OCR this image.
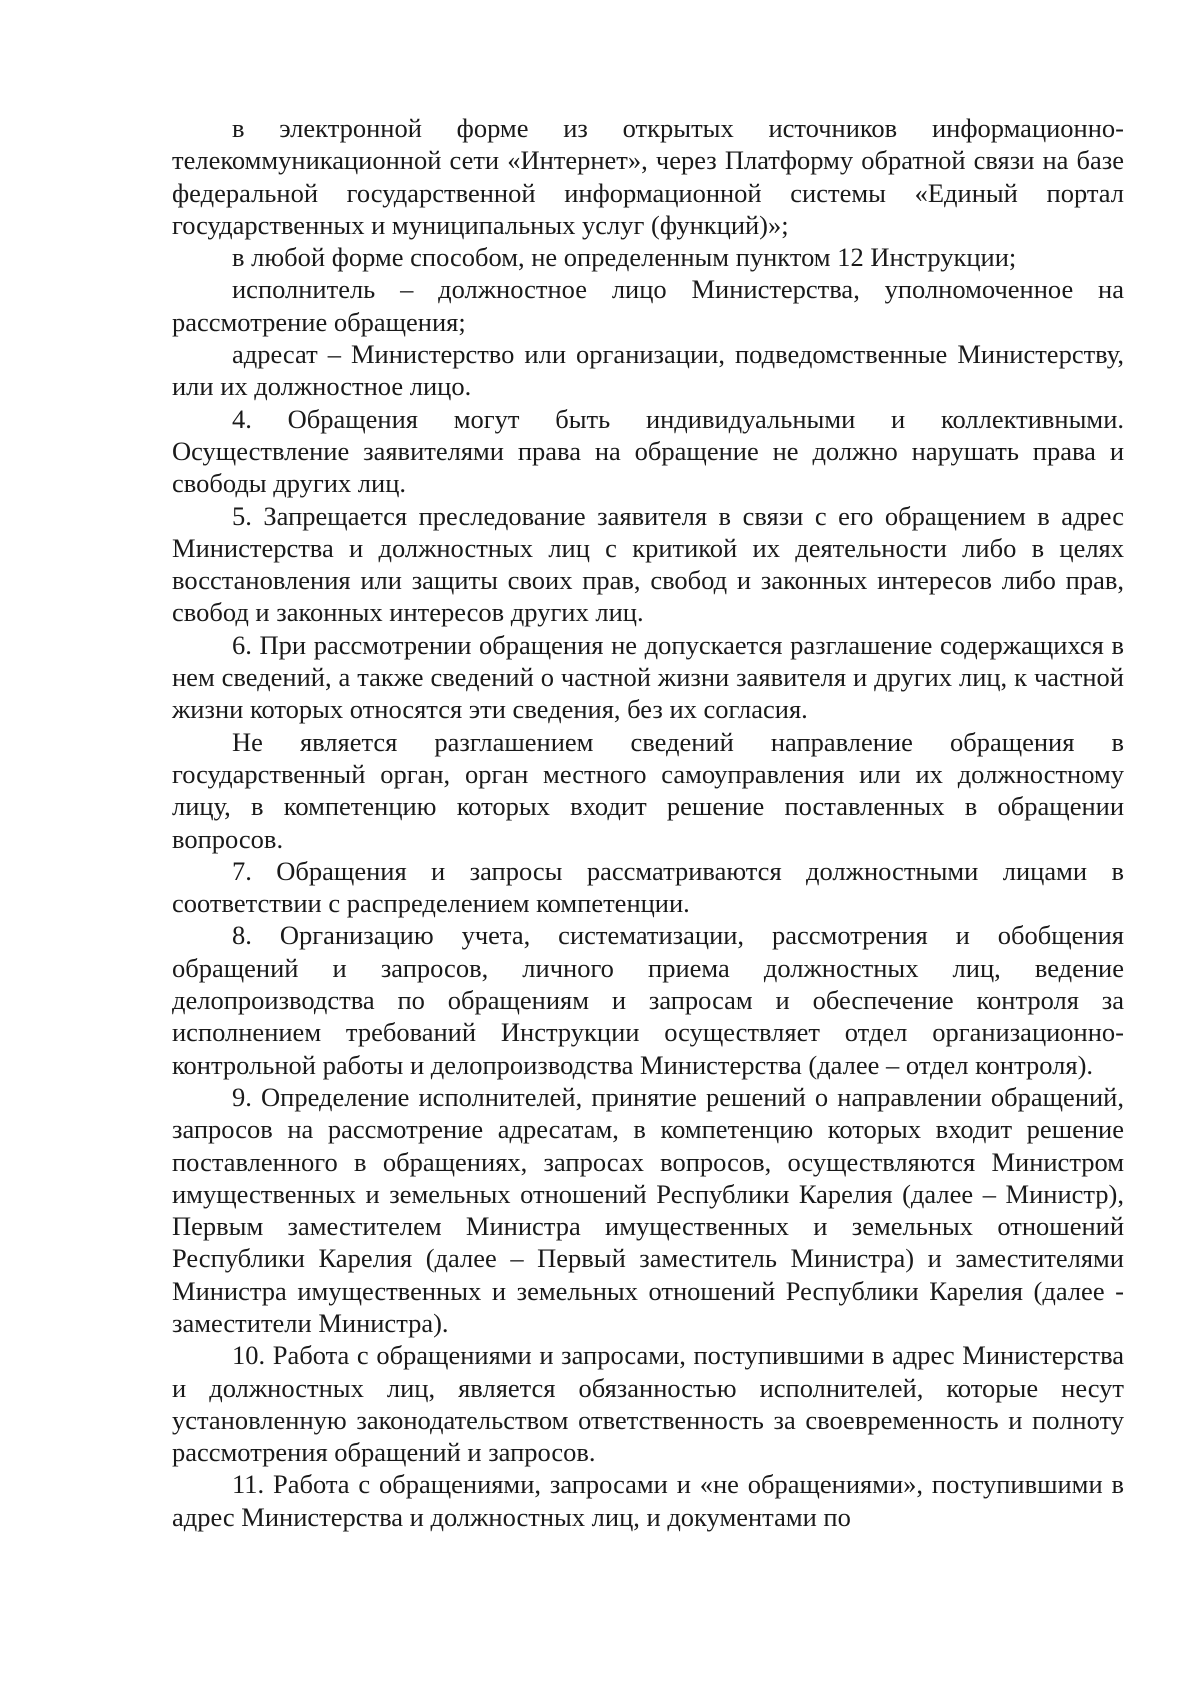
в электронной форме из открытых источников информационно-телекоммуникационной сети «Интернет», через Платформу обратной связи на базе федеральной государственной информационной системы «Единый портал государственных и муниципальных услуг (функций)»;

в любой форме способом, не определенным пунктом 12 Инструкции;

исполнитель – должностное лицо Министерства, уполномоченное на рассмотрение обращения;

адресат – Министерство или организации, подведомственные Министерству, или их должностное лицо.

4. Обращения могут быть индивидуальными и коллективными. Осуществление заявителями права на обращение не должно нарушать права и свободы других лиц.

5. Запрещается преследование заявителя в связи с его обращением в адрес Министерства и должностных лиц с критикой их деятельности либо в целях восстановления или защиты своих прав, свобод и законных интересов либо прав, свобод и законных интересов других лиц.

6. При рассмотрении обращения не допускается разглашение содержащихся в нем сведений, а также сведений о частной жизни заявителя и других лиц, к частной жизни которых относятся эти сведения, без их согласия.

Не является разглашением сведений направление обращения в государственный орган, орган местного самоуправления или их должностному лицу, в компетенцию которых входит решение поставленных в обращении вопросов.

7. Обращения и запросы рассматриваются должностными лицами в соответствии с распределением компетенции.

8. Организацию учета, систематизации, рассмотрения и обобщения обращений и запросов, личного приема должностных лиц, ведение делопроизводства по обращениям и запросам и обеспечение контроля за исполнением требований Инструкции осуществляет отдел организационно-контрольной работы и делопроизводства Министерства (далее – отдел контроля).

9. Определение исполнителей, принятие решений о направлении обращений, запросов на рассмотрение адресатам, в компетенцию которых входит решение поставленного в обращениях, запросах вопросов, осуществляются Министром имущественных и земельных отношений Республики Карелия (далее – Министр), Первым заместителем Министра имущественных и земельных отношений Республики Карелия (далее – Первый заместитель Министра) и заместителями Министра имущественных и земельных отношений Республики Карелия (далее - заместители Министра).

10. Работа с обращениями и запросами, поступившими в адрес Министерства и должностных лиц, является обязанностью исполнителей, которые несут установленную законодательством ответственность за своевременность и полноту рассмотрения обращений и запросов.

11. Работа с обращениями, запросами и «не обращениями», поступившими в адрес Министерства и должностных лиц, и документами по
